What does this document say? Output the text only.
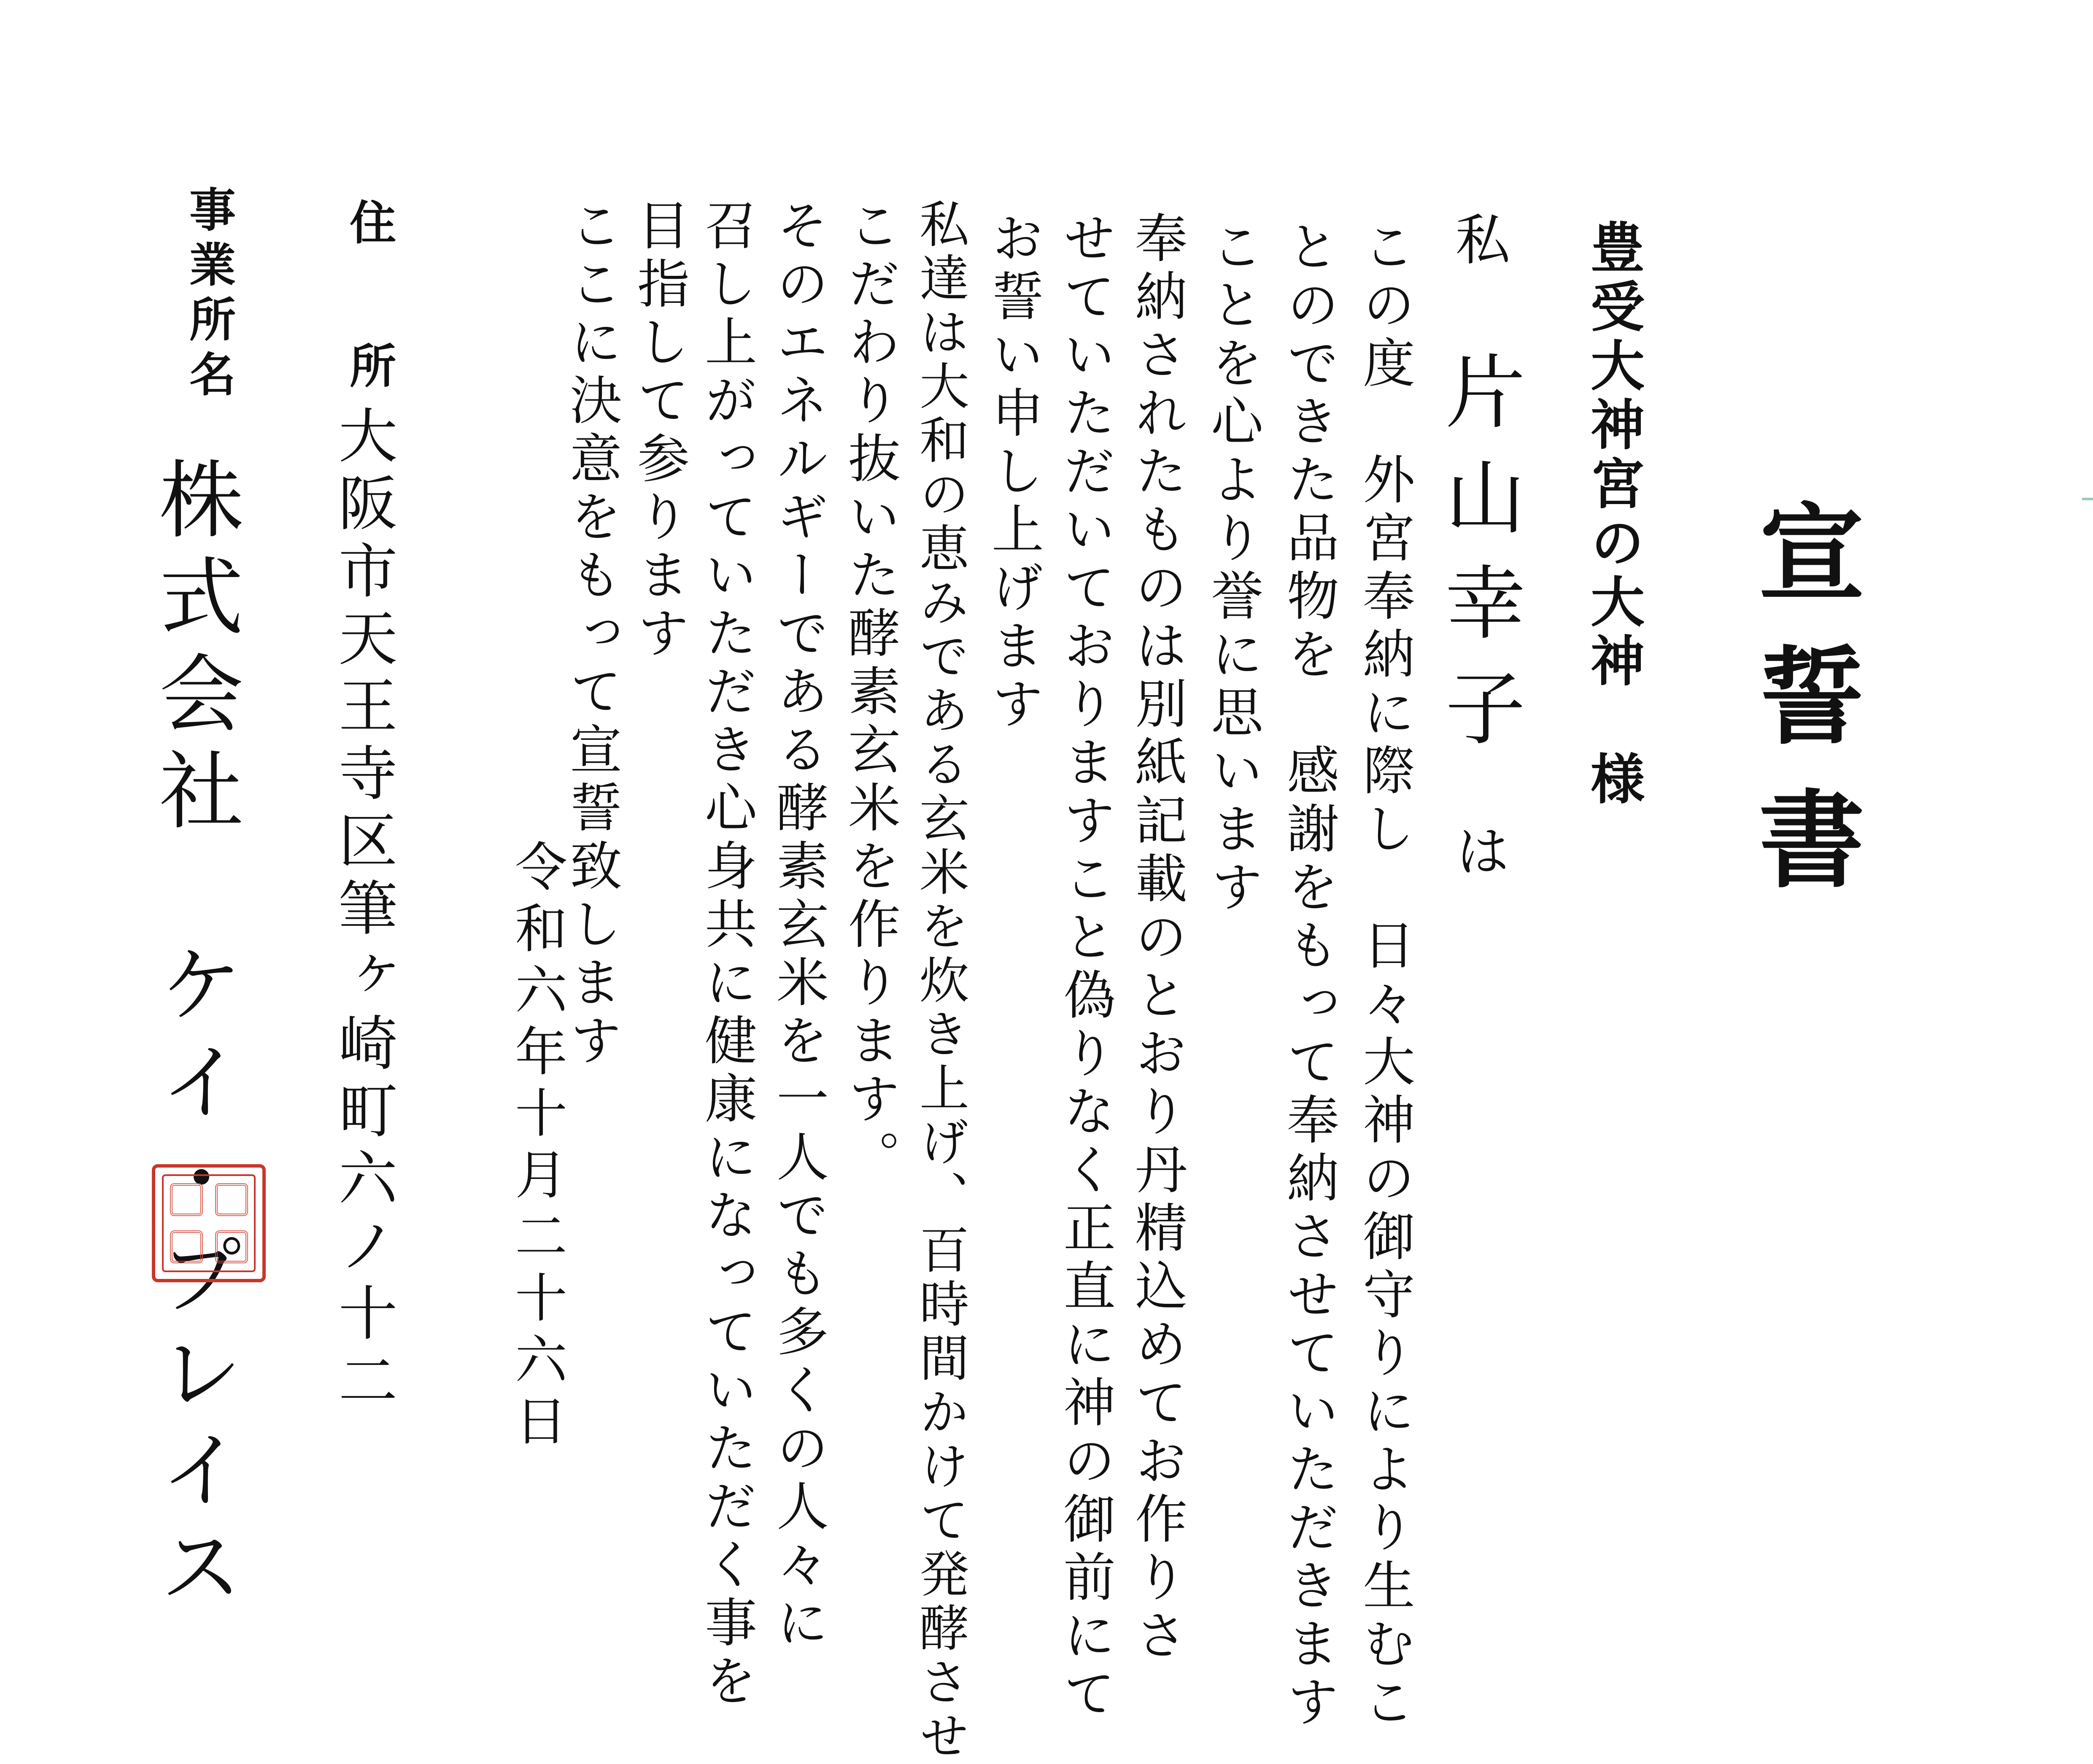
宣誓書
豊受大神宮の大神　様
私片山幸子は
この度　外宮奉納に際し　日々大神の御守りにより生むこ
とのできた品物を　感謝をもって奉納させていただきます
ことを心より誉に思います
奉納されたものは別紙記載のとおり丹精込めてお作りさ
せていただいておりますこと偽りなく正直に神の御前にて
お誓い申し上げます
私達は大和の恵みである玄米を炊き上げ、百時間かけて発酵させ
こだわり抜いた酵素玄米を作ります。
そのエネルギーである酵素玄米を一人でも多くの人々に
召し上がっていただき心身共に健康になっていただく事を
目指して参ります
ここに決意をもって宣誓致します
令和六年十月二十六日
住所
大阪市天王寺区筆ヶ崎町六ノ十二
事業所名
株式会社　ケイ・プレイス
